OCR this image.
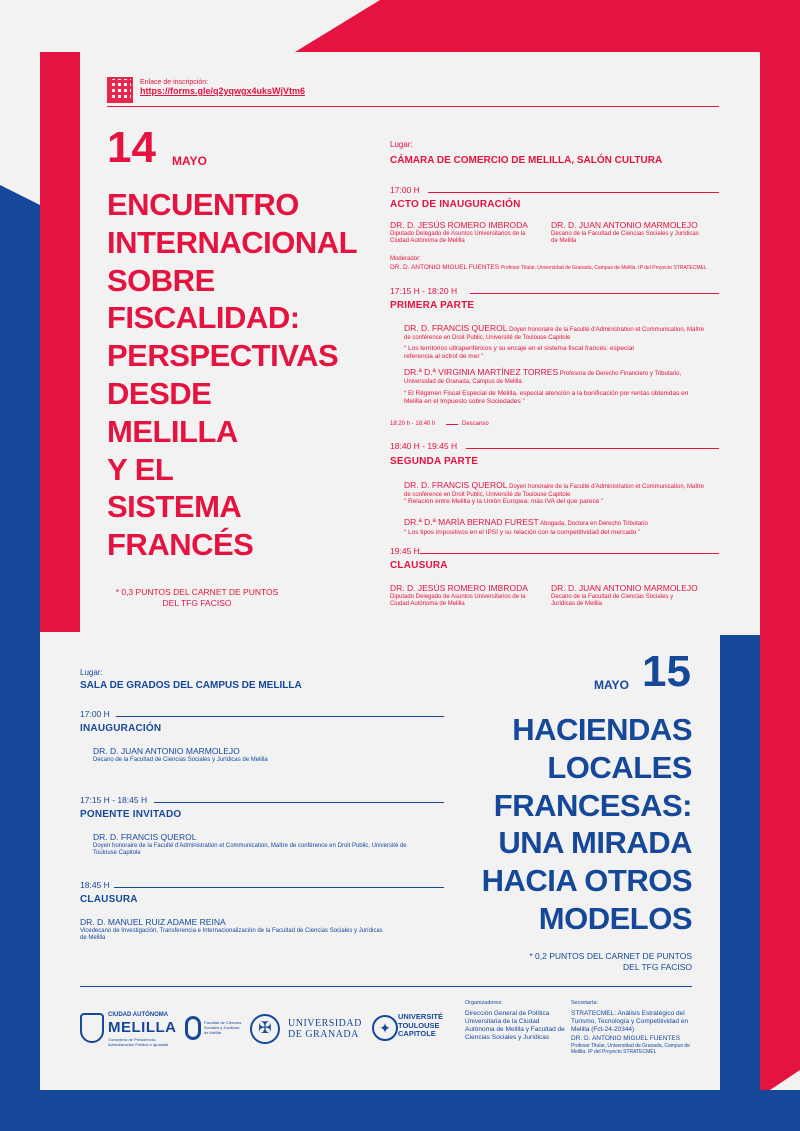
Enlace de inscripción:
https://forms.gle/q2yqwgx4uksWjVtm6
14 MAYO
ENCUENTRO
INTERNACIONAL
SOBRE
FISCALIDAD:
PERSPECTIVAS
DESDE
MELILLA
Y EL
SISTEMA
FRANCÉS
* 0,3 PUNTOS DEL CARNET DE PUNTOS DEL TFG FACISO
Lugar:
CÁMARA DE COMERCIO DE MELILLA, SALÓN CULTURA
17:00 H
ACTO DE INAUGURACIÓN
DR. D. JESÚS ROMERO IMBRODA
Diputado Delegado de Asuntos Universitarios de la Ciudad Autónoma de Melilla
DR. D. JUAN ANTONIO MARMOLEJO
Decano de la Facultad de Ciencias Sociales y Jurídicas de Melilla
Moderador:
DR. D. ANTONIO MIGUEL FUENTES Profesor Titular, Universidad de Granada, Campus de Melilla. IP del Proyecto STRATECMEL
17:15 H - 18:20 H
PRIMERA PARTE
DR. D. FRANCIS QUEROL Doyen honoraire de la Faculté d'Administration et Communication, Maître de conférence en Droit Public, Université de Toulouse Capitole
“ Los territorios ultraperiféricos y su encaje en el sistema fiscal francés: especial referencia al octrol de mer ”
DR.ª D.ª VIRGINIA MARTÍNEZ TORRES Profesora de Derecho Financiero y Tributario, Universidad de Granada, Campus de Melilla
“ El Régimen Fiscal Especial de Melilla, especial atención a la bonificación por rentas obtenidas en Melilla en el Impuesto sobre Sociedades ”
18:20 h - 18:40 h	Descanso
18:40 H - 19:45 H
SEGUNDA PARTE
DR. D. FRANCIS QUEROL Doyen honoraire de la Faculté d'Administration et Communication, Maître de conférence en Droit Public, Université de Toulouse Capitole
“ Relación entre Melilla y la Unión Europea: más IVA del que parece ”
DR.ª D.ª MARÍA BERNAD FUREST Abogada, Doctora en Derecho Tributario
“ Los tipos impositivos en el IPSI y su relación con la competitividad del mercado ”
19:45 H
CLAUSURA
DR. D. JESÚS ROMERO IMBRODA
Diputado Delegado de Asuntos Universitarios de la Ciudad Autónoma de Melilla
DR. D. JUAN ANTONIO MARMOLEJO
Decano de la Facultad de Ciencias Sociales y Jurídicas de Melilla
Lugar:
SALA DE GRADOS DEL CAMPUS DE MELILLA
17:00 H
INAUGURACIÓN
DR. D. JUAN ANTONIO MARMOLEJO
Decano de la Facultad de Ciencias Sociales y Jurídicas de Melilla
17:15 H - 18:45 H
PONENTE INVITADO
DR. D. FRANCIS QUEROL
Doyen honoraire de la Faculté d'Administration et Communication, Maître de conférence en Droit Public, Université de Toulouse Capitole
18:45 H
CLAUSURA
DR. D. MANUEL RUIZ ADAME REINA
Vicedecano de Investigación, Transferencia e Internacionalización de la Facultad de Ciencias Sociales y Jurídicas de Melilla
MAYO 15
HACIENDAS
LOCALES
FRANCESAS:
UNA MIRADA
HACIA OTROS
MODELOS
* 0,2 PUNTOS DEL CARNET DE PUNTOS
DEL TFG FACISO
CIUDAD AUTÓNOMA
MELILLA
Consejería de Presidencia, Administración Pública e Igualdad
Facultad de Ciencias Sociales y Jurídicas de Melilla	✠	UNIVERSIDAD
DE GRANADA	✦
UNIVERSITÉ
TOULOUSE
CAPITOLE
Organizadores:
Dirección General de Política Universitaria de la Ciudad Autónoma de Melilla y Facultad de Ciencias Sociales y Jurídicas
Secretaría:
STRATECMEL: Análisis Estratégico del Turismo, Tecnología y Competitividad en Melilla (Fct-24-20344)
DR. D. ANTONIO MIGUEL FUENTES
Profesor Titular, Universidad de Granada, Campus de Melilla. IP del Proyecto STRATECMEL
